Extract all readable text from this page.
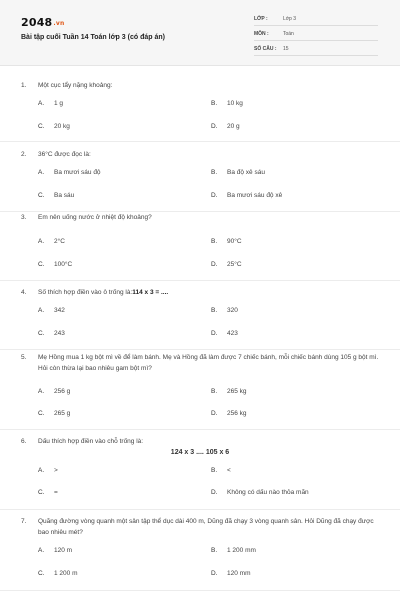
2048.vn
Bài tập cuối Tuần 14 Toán lớp 3 (có đáp án)
LỚP :	Lớp 3
MÔN :	Toán
SỐ CÂU : 15
1. Một cục tẩy nặng khoảng:
A. 1 g	B. 10 kg
C. 20 kg	D. 20 g
2. 36°C được đọc là:
A. Ba mươi sáu độ	B. Ba độ xê sáu
C. Ba sáu	D. Ba mươi sáu độ xê
3. Em nên uống nước ở nhiệt độ khoảng?
A. 2°C	B. 90°C
C. 100°C	D. 25°C
4. Số thích hợp điền vào ô trống là:114 x 3 = ....
A. 342	B. 320
C. 243	D. 423
5. Mẹ Hồng mua 1 kg bột mì về để làm bánh. Mẹ và Hồng đã làm được 7 chiếc bánh, mỗi chiếc bánh dùng 105 g bột mì. Hỏi còn thừa lại bao nhiêu gam bột mì?
A. 256 g	B. 265 kg
C. 265 g	D. 256 kg
6. Dấu thích hợp điền vào chỗ trống là:
124 x 3 .... 105 x 6
A. >	B. <
C. =	D. Không có dấu nào thỏa mãn
7. Quãng đường vòng quanh một sân tập thể dục dài 400 m, Dũng đã chạy 3 vòng quanh sân. Hỏi Dũng đã chạy được bao nhiêu mét?
A. 120 m	B. 1 200 mm
C. 1 200 m	D. 120 mm
